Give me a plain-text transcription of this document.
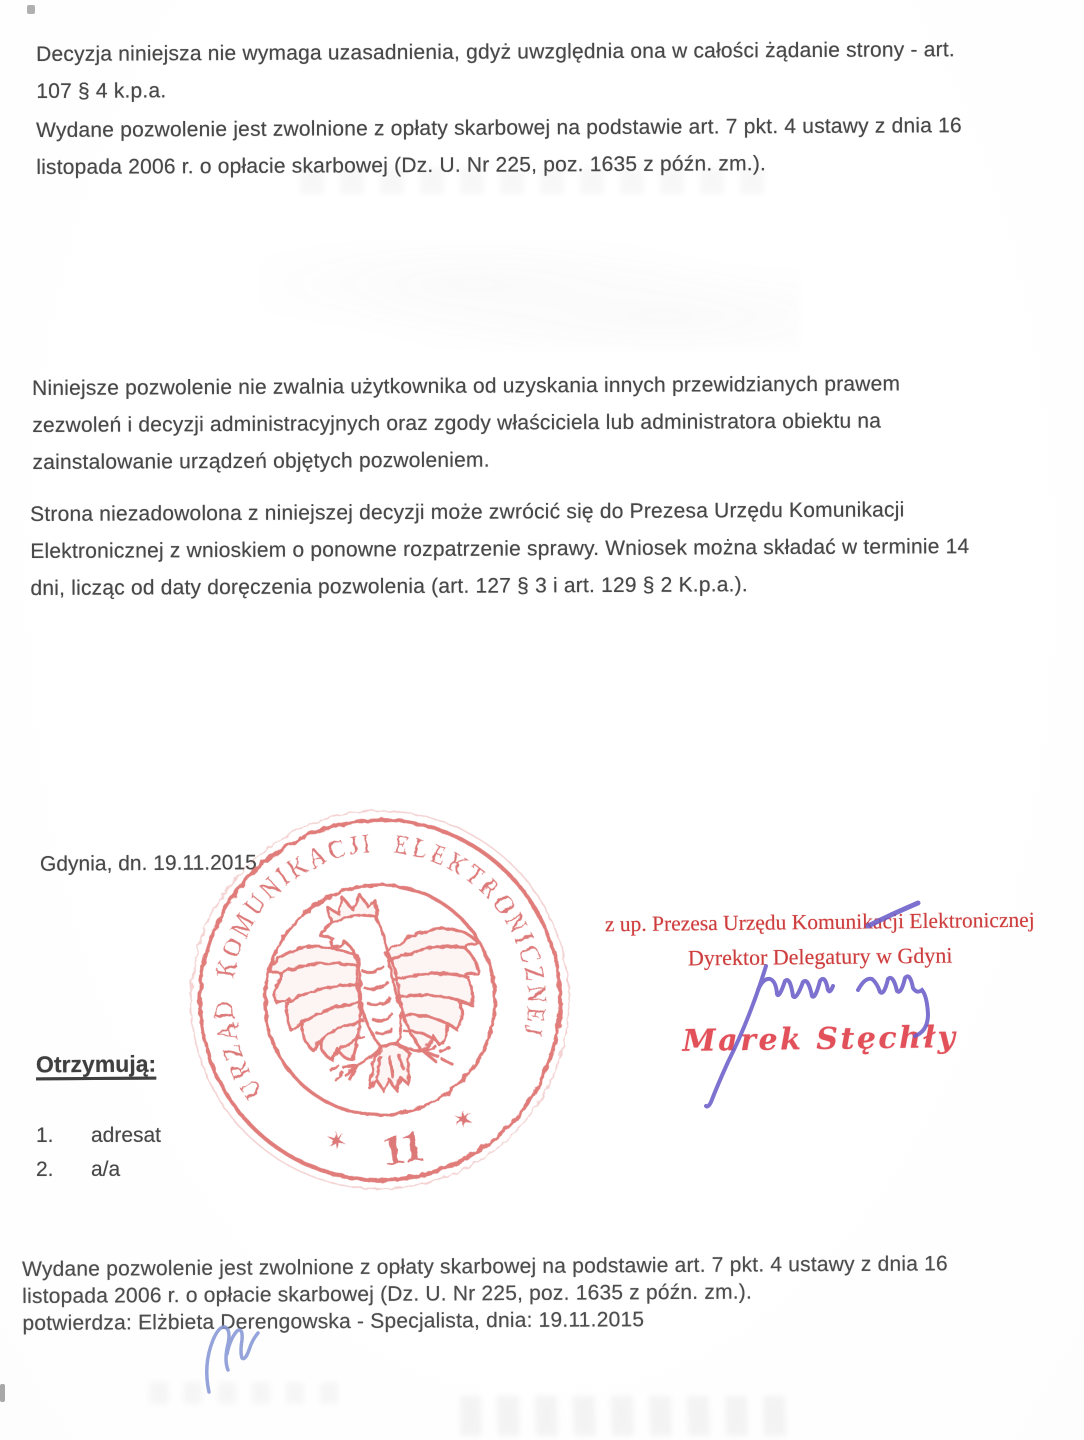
Decyzja niniejsza nie wymaga uzasadnienia, gdyż uwzględnia ona w całości żądanie strony - art.
107 § 4 k.p.a.
Wydane pozwolenie jest zwolnione z opłaty skarbowej na podstawie art. 7 pkt. 4 ustawy z dnia 16
listopada 2006 r. o opłacie skarbowej (Dz. U. Nr 225, poz. 1635 z późn. zm.).
Niniejsze pozwolenie nie zwalnia użytkownika od uzyskania innych przewidzianych prawem
zezwoleń i decyzji administracyjnych oraz zgody właściciela lub administratora obiektu na
zainstalowanie urządzeń objętych pozwoleniem.
Strona niezadowolona z niniejszej decyzji może zwrócić się do Prezesa Urzędu Komunikacji
Elektronicznej z wnioskiem o ponowne rozpatrzenie sprawy. Wniosek można składać w terminie 14
dni, licząc od daty doręczenia pozwolenia (art. 127 § 3 i art. 129 § 2 K.p.a.).
Gdynia, dn. 19.11.2015
URZĄD KOMUNIKACJI ELEKTRONICZNEJ
✶
✶
11
z up. Prezesa Urzędu Komunikacji Elektronicznej
Dyrektor Delegatury w Gdyni
Marek Stęchły
Otrzymują:
1. adresat
2. a/a
Wydane pozwolenie jest zwolnione z opłaty skarbowej na podstawie art. 7 pkt. 4 ustawy z dnia 16
listopada 2006 r. o opłacie skarbowej (Dz. U. Nr 225, poz. 1635 z późn. zm.).
potwierdza: Elżbieta Derengowska - Specjalista, dnia: 19.11.2015
